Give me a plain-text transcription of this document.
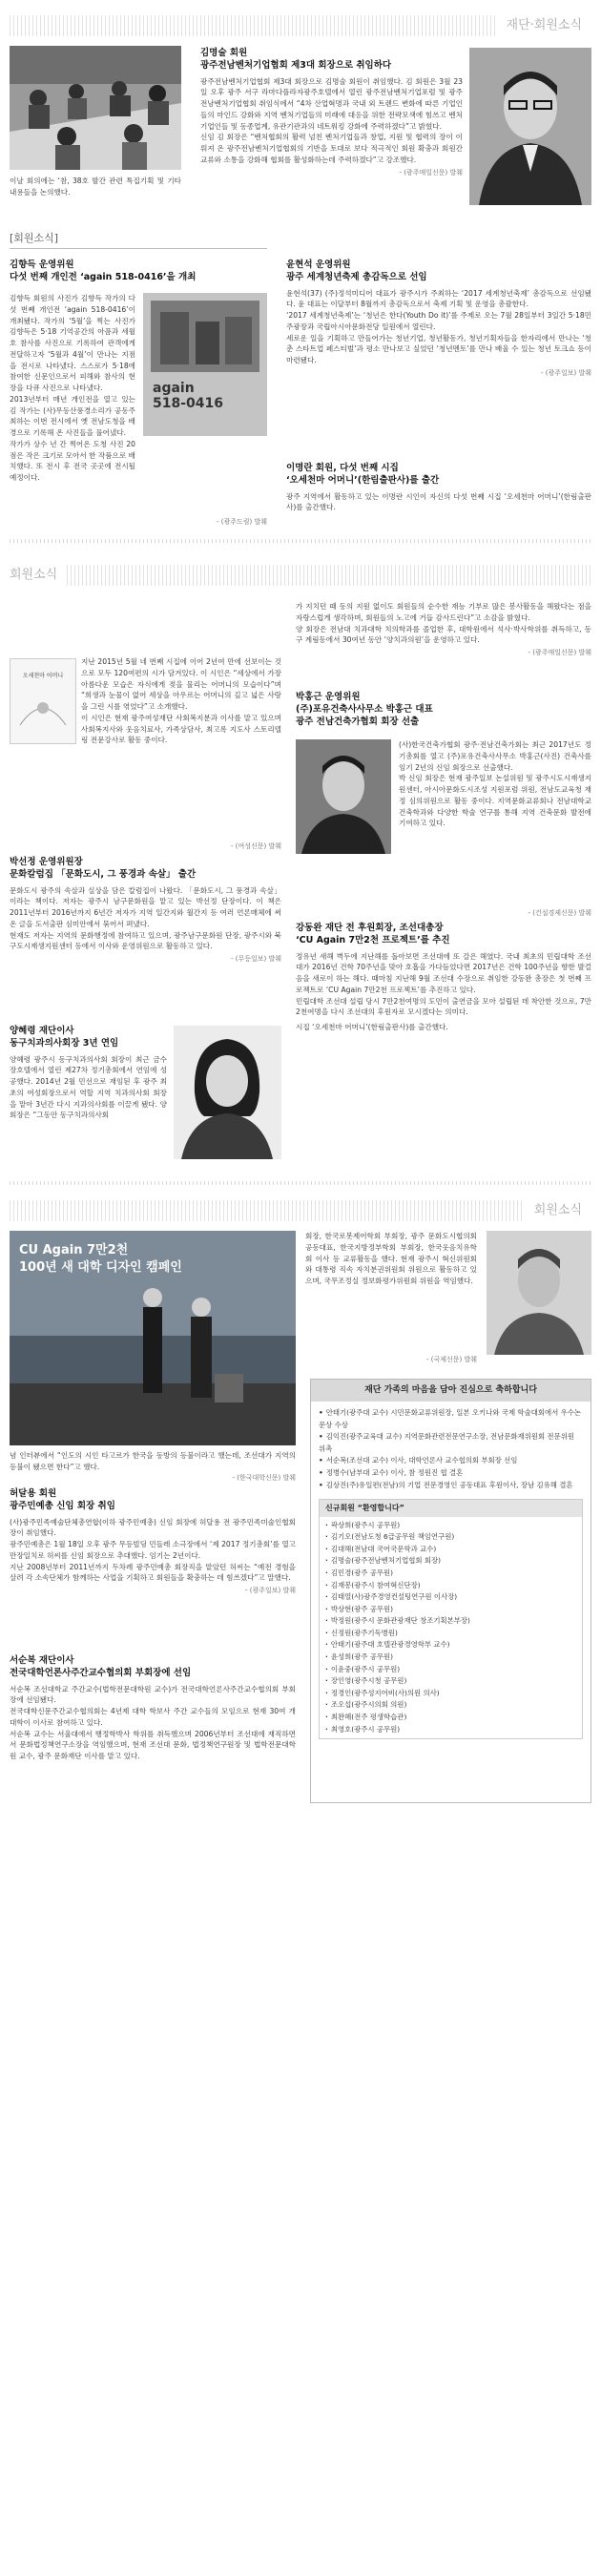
재단·회원소식
이날 회의에는 ‘참, 38호 발간 관련 특집기획 및 기타 내용들을 논의했다.
김명술 회원
광주전남벤처기업협회 제3대 회장으로 취임하다
광주전남벤처기업협회 제3대 회장으로 김명술 회원이 취임했다. 김 회원은 3월 23일 오후 광주 서구 라마다플라자광주호텔에서 열린 광주전남벤처기업포럼 및 광주전남벤처기업협회 취임식에서 “4차 산업혁명과 국내 외 트렌드 변화에 따른 기업인들의 마인드 강화와 지역 벤처기업들의 미래에 대응을 위한 전략모색에 힘쓰고 벤처기업인들 및 동종업계, 유관기관과의 네트워킹 강화에 주력하겠다”고 밝혔다.
신임 김 회장은 “벤처협회의 활력 넘친 벤처기업들과 창업, 지원 및 협력의 장이 이뤄져 온 광주전남벤처기업협회의 기반을 토대로 보다 적극적인 회원 확충과 회원간 교류와 소통을 강화해 협회를 활성화하는데 주력하겠다”고 강조했다.
- (광주매일신문) 발췌
[회원소식]
김향득 운영위원
다섯 번째 개인전 ‘again 518-0416’을 개최
김향득 회원의 사진가 김향득 작가의 다섯 번째 개인전 ‘again 518-0416’이 개최됐다. 작가의 ‘5월’을 찍는 사진가 김향득은 5·18 기억공간의 아픔과 세월호 참사를 사진으로 기록하여 관객에게 전달하고자 ‘5월과 4월’이 만나는 지점을 전시로 나타냈다. 스스로가 5·18에 참여한 신문인으로서 피해와 참사의 현장을 다큐 사진으로 나타냈다.
2013년부터 매년 개인전을 열고 있는 김 작가는 (사)무등산풍경소리가 공동주최하는 이번 전시에서 옛 전남도청을 배경으로 기록해 온 사진들을 풀어냈다.
작가가 상수 년 간 찍어온 도청 사진 20점은 작은 크기로 모아서 한 작품으로 배치했다. 또 전시 후 전국 곳곳에 전시될 예정이다.
again
518-0416
- (광주드림) 발췌
윤현석 운영위원
광주 세계청년축제 총감독으로 선임
윤현석(37) (주)정석미디어 대표가 광주시가 주최하는 ‘2017 세계청년축제’ 총감독으로 선임됐다. 윤 대표는 이달부터 8월까지 총감독으로서 축제 기획 및 운영을 총괄한다.
‘2017 세계청년축제’는 ‘청년은 한다(Youth Do it)’를 주제로 오는 7월 28일부터 3일간 5·18민주광장과 국립아시아문화전당 일원에서 열린다.
세로운 일을 기획하고 만들어가는 청년기업, 청년활동가, 청년기획자들을 한자리에서 만나는 ‘청춘 스타트업 페스티벌’과 평소 만나보고 싶었던 ‘청년멘토’를 만나 배울 수 있는 청년 토크쇼 등이 마련됐다.
- (광주일보) 발췌
이명란 회원, 다섯 번째 시집
‘오세천마 어머니’(한림출판사)를 출간
광주 지역에서 활동하고 있는 이명란 시인이 자신의 다섯 번째 시집 ‘오세천마 어머니’(한림출판사)를 출간했다.
회원소식
오세천마 어머니
지난 2015년 5월 네 번째 시집에 이어 2년여 만에 선보이는 것으로 모두 120여편의 시가 담겨있다. 이 시인은 “세상에서 가장 아름다운 모습은 자식에게 젖을 물리는 어머니의 모습이다”며 “희생과 눈물이 없어 세상을 아우르는 어머니의 깊고 넓은 사랑을 그린 시를 엮었다”고 소개했다.
이 시인은 현재 광주여성재단 사회복지분과 이사를 맡고 있으며 사회복지사와 웃음치료사, 가족상담사, 최고록 지도사 스토리텔링 전문강사로 활동 중이다.
- (여성신문) 발췌
박선정 운영위원장
문화칼럼집 「문화도시, 그 풍경과 속살」 출간
문화도시 광주의 속살과 실상을 담은 칼럼집이 나왔다. 「문화도시, 그 풍경과 속살」이라는 책이다. 저자는 광주시 남구문화원을 맡고 있는 박선정 단장이다. 이 책은 2011년부터 2016년까지 6년간 저자가 지역 일간지와 월간지 등 여러 언론매체에 써온 글을 도서출판 심미안에서 묶어서 펴냈다.
현재도 저자는 지역의 문화행정에 참여하고 있으며, 광주남구문화원 단장, 광주시와 북구도시재생지원센터 등에서 이사와 운영위원으로 활동하고 있다.
- (무등일보) 발췌
양혜령 재단이사
동구치과의사회장 3년 연임
양혜령 광주시 동구치과의사회 회장이 최근 금수장호텔에서 열린 제27차 정기총회에서 연임에 성공했다. 2014년 2월 민선으로 재임된 후 광주 최초의 여성회장으로서 역할 지역 치과의사회 회장을 맡아 3년간 다시 지과의사회를 이끌게 됐다. 양 회장은 “그동안 동구치과의사회
가 지치던 때 동의 지원 없이도 회원들의 순수한 재능 기부로 많은 봉사활동을 해왔다는 점을 자랑스럽게 생각하며, 회원들의 노고에 거듭 감사드린다”고 소감을 밝혔다.
양 회장은 전남대 치과대학 치의학과를 졸업한 후, 대학원에서 석사·박사학위를 취득하고, 동구 계림동에서 30여년 동안 ‘양치과의원’을 운영하고 있다.
- (광주매일신문) 발췌
박홍근 운영위원
(주)포유건축사사무소 박홍근 대표
광주 전남건축가협회 회장 선출
(사)한국건축가협회 광주·전남건축가회는 최근 2017년도 정기총회를 열고 (주)포유건축사사무소 박홍근(사진) 건축사를 임기 2년의 신임 회장으로 선출했다.
박 신임 회장은 현재 광주일보 논설위원 및 광주시도시재생지원센터, 아시아문화도시조성 지원포럼 위원, 전남도교육청 재정 심의위원으로 활동 중이다. 지역문화교류회나 전남대학교 건축학과와 다양한 학술 연구를 통해 지역 건축문화 발전에 기여하고 있다.
- (건설경제신문) 발췌
강동완 재단 전 후원회장, 조선대총장
‘CU Again 7만2천 프로젝트’를 추진
정유년 새해 벽두에 지난해를 돌아보면 조선대에 또 갈은 해였다. 국내 최초의 민립대학 조선대가 2016년 건학 70주년을 맞아 호흡을 가다듬었다면 2017년은 건학 100주년을 향한 발걸음을 새로이 하는 해다. 때마침 지난해 9월 조선대 수장으로 취임한 강동완 총장은 첫 번째 프로젝트로 ‘CU Again 7만2천 프로젝트’를 추진하고 있다.
민립대학 조선대 설립 당시 7만2천여명의 도민이 출연금을 모아 설립된 데 착안한 것으로, 7만2천여명을 다시 조선대의 후원자로 모시겠다는 의미다.
시집 ‘오세천마 어머니’(한림출판사)를 출간했다.
회원소식
CU Again 7만2천
100년 새 대학 디자인 캠페인
회장, 한국로봇제어학회 부회장, 광주 문화도시협의회 공동대표, 한국지방정부학회 부회장, 한국웃음치유학회 이사 등 교류활동을 했다. 현재 광주시 혁신위원회와 대통령 직속 자치분권위원회 위원으로 활동하고 있으며, 국무조정실 정보화평가위원회 위원을 역임했다.
- (국제신문) 발췌
념 인터뷰에서 “인도의 시인 타고르가 한국을 동방의 등불이라고 했는데, 조선대가 지역의 등불이 됐으면 한다”고 했다.
- (한국대학신문) 발췌
허달용 회원
광주민예총 신임 회장 취임
(사)광주민족예술단체총연합(이하 광주민예총) 신임 회장에 허달용 전 광주민족미술인협회장이 취임했다.
광주민예총은 1월 18일 오후 광주 무등빌딩 민들레 소극장에서 ‘제 2017 정기총회’를 열고 만장일치로 허씨를 신임 회장으로 추대했다. 임기는 2년이다.
지난 2008년부터 2011년까지 두차례 광주민예총 회장직을 맡았던 허씨는 “예전 경험을 살려 각 소속단체가 함께하는 사업을 기획하고 회원들을 확충하는 데 힘쓰겠다”고 말했다.
- (광주일보) 발췌
서순복 재단이사
전국대학언론사주간교수협의회 부회장에 선임
서순복 조선대학교 주간교수(법학전문대학원 교수)가 전국대학언론사주간교수협의회 부회장에 선임됐다.
전국대학신문주간교수협의회는 4년제 대학 학보사 주간 교수들의 모임으로 현재 30여 개 대학이 이사로 참여하고 있다.
서순복 교수는 서울대에서 행정학박사 학위를 취득했으며 2006년부터 조선대에 재직하면서 문화법정책연구소장을 역임했으며, 현재 조선대 문화, 법정책연구원장 및 법학전문대학원 교수, 광주 문화재단 이사를 맡고 있다.
재단 가족의 마음을 담아 진심으로 축하합니다
• 안태기(광주대 교수) 시민문화교류위원장, 일본 오키나와 국제 학술대회에서 우수논문상 수상
• 김익진(광주교육대 교수) 지역문화관련전문연구소장, 전남문화재위원회 전문위원 위촉
• 서순복(조선대 교수) 이사, 대학언론사 교수협의회 부회장 선임
• 정병수(남부대 교수) 이사, 참 정원진 협 결혼
• 김상진(주)유일편(전남)의 기업 전문경영인 공동대표 후원이사, 장남 김유해 결혼
신규회원 “환영합니다”
· 곽상희(광주시 공무원)
· 김기오(전남도청 6급공무원 책임연구원)
· 김대해(전남대 국어국문학과 교수)
· 김명술(광주전남벤처기업협회 회장)
· 김민경(광주 공무원)
· 김재봉(광주시 참여혁신단장)
· 김태열(사)광주경영컨설팅연구원 이사장)
· 박상현(광주 공무원)
· 박정원(광주시 문화관광재단 창조기획본부장)
· 신정원(광주기독병원)
· 안태기(광주대 호텔관광경영학부 교수)
· 윤성희(광주 공무원)
· 이윤중(광주시 공무원)
· 장인영(광주시청 공무원)
· 정경인(광주성지어비(사)의원 의사)
· 조오섭(광주시의회 의원)
· 최완혜(전주 평생학습관)
· 최영호(광주시 공무원)
